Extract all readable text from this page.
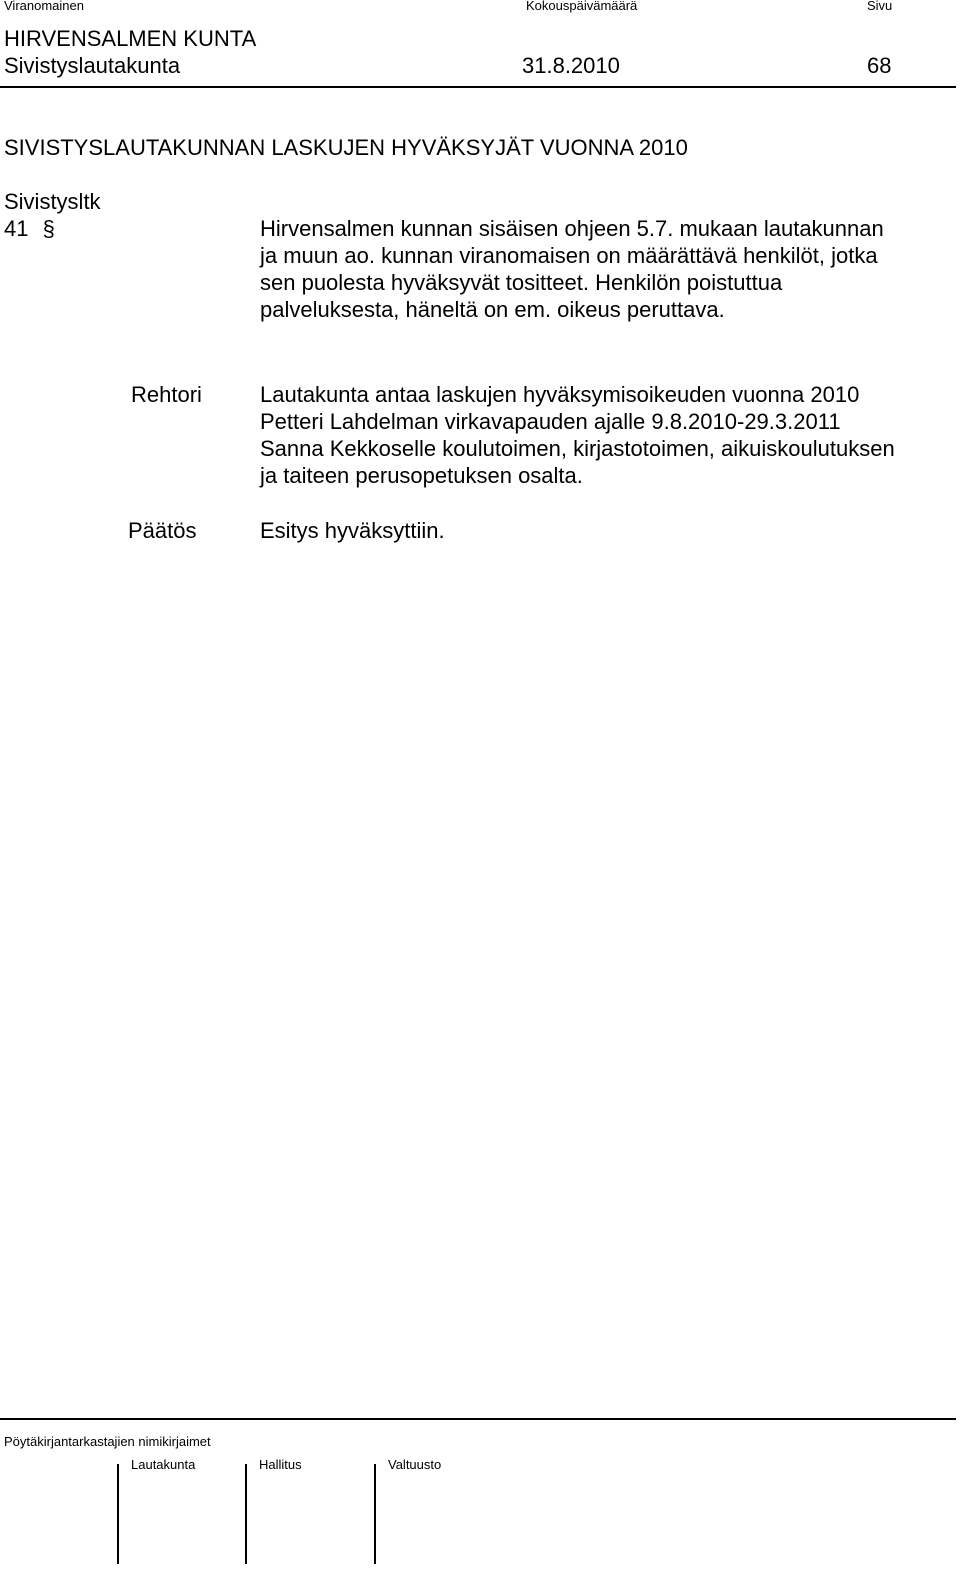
Viranomainen	Kokouspäivämäärä	Sivu
HIRVENSALMEN KUNTA
Sivistyslautakunta	31.8.2010	68
SIVISTYSLAUTAKUNNAN LASKUJEN HYVÄKSYJÄT VUONNA 2010
Sivistysltk
41 §	Hirvensalmen kunnan sisäisen ohjeen 5.7. mukaan lautakunnan
ja muun ao. kunnan viranomaisen on määrättävä henkilöt, jotka
sen puolesta hyväksyvät tositteet. Henkilön poistuttua
palveluksesta, häneltä on em. oikeus peruttava.
Rehtori	Lautakunta antaa laskujen hyväksymisoikeuden vuonna 2010
Petteri Lahdelman virkavapauden ajalle 9.8.2010-29.3.2011
Sanna Kekkoselle koulutoimen, kirjastotoimen, aikuiskoulutuksen
ja taiteen perusopetuksen osalta.
Päätös	Esitys hyväksyttiin.
Pöytäkirjantarkastajien nimikirjaimet
Lautakunta	Hallitus	Valtuusto
